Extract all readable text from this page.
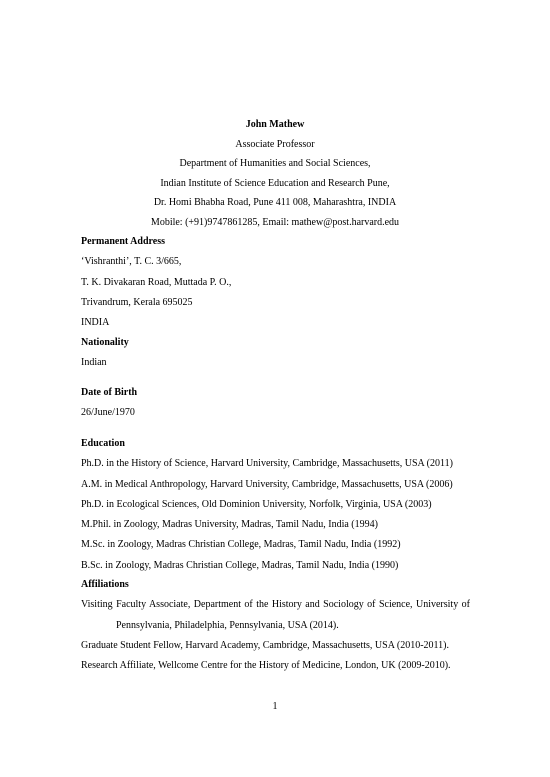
John Mathew
Associate Professor
Department of Humanities and Social Sciences,
Indian Institute of Science Education and Research Pune,
Dr. Homi Bhabha Road, Pune 411 008, Maharashtra, INDIA
Mobile: (+91)9747861285, Email: mathew@post.harvard.edu
Permanent Address
‘Vishranthi’, T. C. 3/665,
T. K. Divakaran Road, Muttada P. O.,
Trivandrum, Kerala 695025
INDIA
Nationality
Indian
Date of Birth
26/June/1970
Education
Ph.D. in the History of Science, Harvard University, Cambridge, Massachusetts, USA (2011)
A.M. in Medical Anthropology, Harvard University, Cambridge, Massachusetts, USA (2006)
Ph.D. in Ecological Sciences, Old Dominion University, Norfolk, Virginia, USA (2003)
M.Phil. in Zoology, Madras University, Madras, Tamil Nadu, India (1994)
M.Sc. in Zoology, Madras Christian College, Madras, Tamil Nadu, India (1992)
B.Sc. in Zoology, Madras Christian College, Madras, Tamil Nadu, India (1990)
Affiliations
Visiting Faculty Associate, Department of the History and Sociology of Science, University of
Pennsylvania, Philadelphia, Pennsylvania, USA (2014).
Graduate Student Fellow, Harvard Academy, Cambridge, Massachusetts, USA (2010-2011).
Research Affiliate, Wellcome Centre for the History of Medicine, London, UK (2009-2010).
1
